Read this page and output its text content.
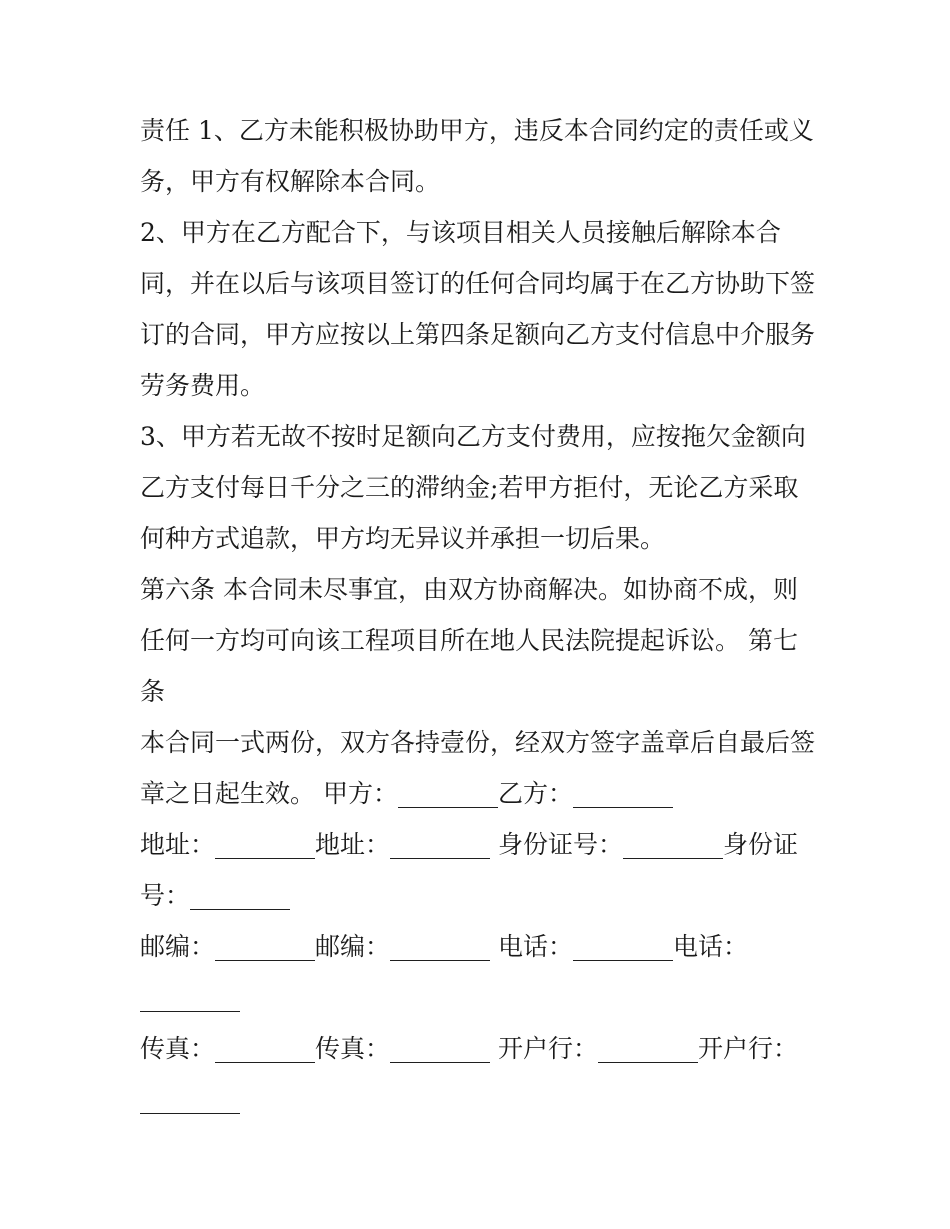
责任 1、乙方未能积极协助甲方，违反本合同约定的责任或义
务，甲方有权解除本合同。
2、甲方在乙方配合下，与该项目相关人员接触后解除本合
同，并在以后与该项目签订的任何合同均属于在乙方协助下签
订的合同，甲方应按以上第四条足额向乙方支付信息中介服务
劳务费用。
3、甲方若无故不按时足额向乙方支付费用，应按拖欠金额向
乙方支付每日千分之三的滞纳金;若甲方拒付，无论乙方采取
何种方式追款，甲方均无异议并承担一切后果。
第六条 本合同未尽事宜，由双方协商解决。如协商不成，则
任何一方均可向该工程项目所在地人民法院提起诉讼。 第七
条
本合同一式两份，双方各持壹份，经双方签字盖章后自最后签
章之日起生效。 甲方：________乙方：________
地址：________地址：________ 身份证号：________身份证
号：________
邮编：________邮编：________ 电话：________电话：
________
传真：________传真：________ 开户行：________开户行：
________
